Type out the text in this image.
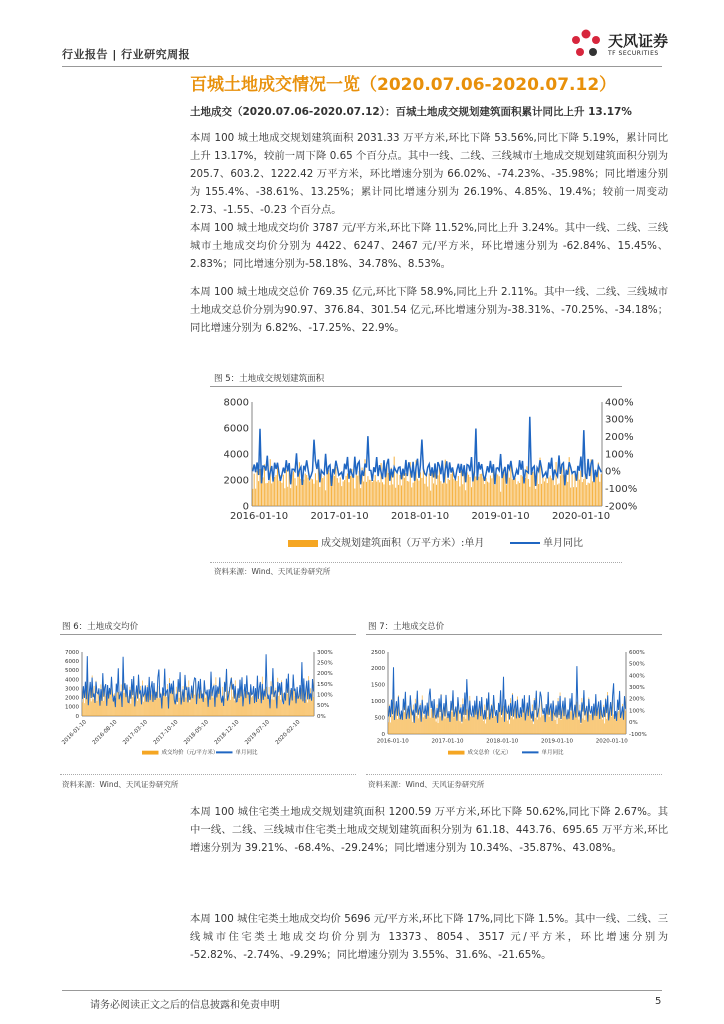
行业报告 | 行业研究周报
天风证券
TF SECURITIES
百城土地成交情况一览（2020.07.06-2020.07.12）
土地成交（2020.07.06-2020.07.12）：百城土地成交规划建筑面积累计同比上升 13.17%
本周 100 城土地成交规划建筑面积 2031.33 万平方米,环比下降 53.56%,同比下降 5.19%，累计同比上升 13.17%，较前一周下降 0.65 个百分点。其中一线、二线、三线城市土地成交规划建筑面积分别为 205.7、603.2、1222.42 万平方米，环比增速分别为 66.02%、-74.23%、-35.98%；同比增速分别为 155.4%、-38.61%、13.25%；累计同比增速分别为 26.19%、4.85%、19.4%；较前一周变动 2.73、-1.55、-0.23 个百分点。
本周 100 城土地成交均价 3787 元/平方米,环比下降 11.52%,同比上升 3.24%。其中一线、二线、三线城市土地成交均价分别为 4422、6247、2467 元/平方米，环比增速分别为 -62.84%、15.45%、2.83%；同比增速分别为-58.18%、34.78%、8.53%。
本周 100 城土地成交总价 769.35 亿元,环比下降 58.9%,同比上升 2.11%。其中一线、二线、三线城市土地成交总价分别为90.97、376.84、301.54 亿元,环比增速分别为-38.31%、-70.25%、-34.18%；同比增速分别为 6.82%、-17.25%、22.9%。
图 5：土地成交规划建筑面积
0
2000
4000
6000
8000
-200%
-100%
0%
100%
200%
300%
400%
2016-01-10 2017-01-10 2018-01-10 2019-01-10 2020-01-10
成交规划建筑面积（万平方米）:单月	单月同比
资料来源：Wind、天风证券研究所
图 6：土地成交均价
0
1000
2000
3000
4000
5000
6000
7000
0%
50%
100%
150%
200%
250%
300%
2016-01-10 2016-08-10 2017-03-10 2017-10-10 2018-05-10 2018-12-10 2019-07-10 2020-02-10
成交均价（元/平方米）	单月同比
资料来源：Wind、天风证券研究所
图 7：土地成交总价
0
500
1000
1500
2000
2500
-100%
0%
100%
200%
300%
400%
500%
600%
2016-01-10	2017-01-10	2018-01-10	2019-01-10	2020-01-10
成交总价（亿元）	单月同比
资料来源：Wind、天风证券研究所
本周 100 城住宅类土地成交规划建筑面积 1200.59 万平方米,环比下降 50.62%,同比下降 2.67%。其中一线、二线、三线城市住宅类土地成交规划建筑面积分别为 61.18、443.76、695.65 万平方米,环比增速分别为 39.21%、-68.4%、-29.24%；同比增速分别为 10.34%、-35.87%、43.08%。
本周 100 城住宅类土地成交均价 5696 元/平方米,环比下降 17%,同比下降 1.5%。其中一线、二线、三线城市住宅类土地成交均价分别为 13373、8054、3517 元/平方米，环比增速分别为 -52.82%、-2.74%、-9.29%；同比增速分别为 3.55%、31.6%、-21.65%。
请务必阅读正文之后的信息披露和免责申明	5
